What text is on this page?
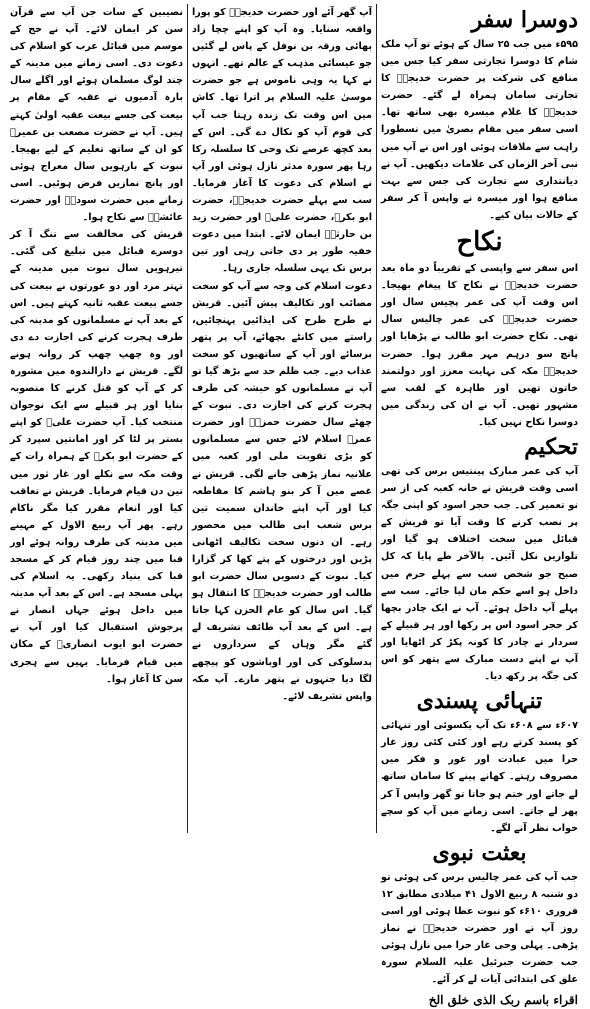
دوسرا سفر

۵۹۵ء میں جب ۲۵ سال کے ہوئے تو آپ ملک شام کا دوسرا تجارتی سفر کیا جس میں منافع کی شرکت پر حضرت خدیجہؓ کا تجارتی سامان ہمراہ لے گئے۔ حضرت خدیجہؓ کا غلام میسرہ بھی ساتھ تھا۔ اسی سفر میں مقام بصریٰ میں نسطورا راہب سے ملاقات ہوئی اور اس نے آپ میں نبی آخر الزماں کی علامات دیکھیں۔ آپ نے دیانتداری سے تجارت کی جس سے بہت منافع ہوا اور میسرہ نے واپس آ کر سفر کے حالات بیان کیے۔

نکاح

اس سفر سے واپسی کے تقریباً دو ماہ بعد حضرت خدیجہؓ نے نکاح کا پیغام بھیجا۔ اس وقت آپ کی عمر پچیس سال اور حضرت خدیجہؓ کی عمر چالیس سال تھی۔ نکاح حضرت ابو طالب نے پڑھایا اور پانچ سو درہم مہر مقرر ہوا۔ حضرت خدیجہؓ مکہ کی نہایت معزز اور دولتمند خاتون تھیں اور طاہرہ کے لقب سے مشہور تھیں۔ آپ نے ان کی زندگی میں دوسرا نکاح نہیں کیا۔

تحکیم

آپ کی عمر مبارک پینتیس برس کی تھی اسی وقت قریش نے خانہ کعبہ کی از سر نو تعمیر کی۔ جب حجر اسود کو اپنی جگہ پر نصب کرنے کا وقت آیا تو قریش کے قبائل میں سخت اختلاف ہو گیا اور تلواریں نکل آئیں۔ بالآخر طے پایا کہ کل صبح جو شخص سب سے پہلے حرم میں داخل ہو اسے حکم مان لیا جائے۔ سب سے پہلے آپ داخل ہوئے۔ آپ نے ایک چادر بچھا کر حجر اسود اس پر رکھا اور ہر قبیلے کے سردار نے چادر کا کونہ پکڑ کر اٹھایا اور آپ نے اپنے دست مبارک سے پتھر کو اس کی جگہ پر رکھ دیا۔

تنہائی پسندی

۶۰۷ء سے ۶۰۸ء تک آپ یکسوئی اور تنہائی کو پسند کرتے رہے اور کئی کئی روز غار حرا میں عبادت اور غور و فکر میں مصروف رہتے۔ کھانے پینے کا سامان ساتھ لے جاتے اور ختم ہو جاتا تو گھر واپس آ کر پھر لے جاتے۔ اسی زمانے میں آپ کو سچے خواب نظر آنے لگے۔

بعثت نبوی

جب آپ کی عمر چالیس برس کی ہوئی تو دو شنبہ ۸ ربیع الاول ۴۱ میلادی مطابق ۱۲ فروری ۶۱۰ء کو نبوت عطا ہوئی اور اسی روز آپ نے اور حضرت خدیجہؓ نے نماز پڑھی۔ پہلی وحی غار حرا میں نازل ہوئی جب حضرت جبرئیل علیہ السلام سورہ علق کی ابتدائی آیات لے کر آئے۔

اقراء باسم ربک الذی خلق الخ

آپ گھر آئے اور حضرت خدیجہؓ کو پورا واقعہ سنایا۔ وہ آپ کو اپنے چچا زاد بھائی ورقہ بن نوفل کے پاس لے گئیں جو عیسائی مذہب کے عالم تھے۔ انہوں نے کہا یہ وہی ناموس ہے جو حضرت موسیٰ علیہ السلام پر اترا تھا۔ کاش میں اس وقت تک زندہ رہتا جب آپ کی قوم آپ کو نکال دے گی۔ اس کے بعد کچھ عرصے تک وحی کا سلسلہ رکا رہا پھر سورہ مدثر نازل ہوئی اور آپ نے اسلام کی دعوت کا آغاز فرمایا۔ سب سے پہلے حضرت خدیجہؓ، حضرت ابو بکرؓ، حضرت علیؓ اور حضرت زید بن حارثہؓ ایمان لائے۔ ابتدا میں دعوت خفیہ طور پر دی جاتی رہی اور تین برس تک یہی سلسلہ جاری رہا۔

دعوت اسلام کی وجہ سے آپ کو سخت مصائب اور تکالیف پیش آئیں۔ قریش نے طرح طرح کی ایذائیں پہنچائیں، راستے میں کانٹے بچھائے، آپ پر پتھر برسائے اور آپ کے ساتھیوں کو سخت عذاب دیے۔ جب ظلم حد سے بڑھ گیا تو آپ نے مسلمانوں کو حبشہ کی طرف ہجرت کرنے کی اجازت دی۔ نبوت کے چھٹے سال حضرت حمزہؓ اور حضرت عمرؓ اسلام لائے جس سے مسلمانوں کو بڑی تقویت ملی اور کعبہ میں علانیہ نماز پڑھی جانے لگی۔ قریش نے غصے میں آ کر بنو ہاشم کا مقاطعہ کیا اور آپ اپنے خاندان سمیت تین برس شعب ابی طالب میں محصور رہے۔ ان دنوں سخت تکالیف اٹھانی پڑیں اور درختوں کے پتے کھا کر گزارا کیا۔ نبوت کے دسویں سال حضرت ابو طالب اور حضرت خدیجہؓ کا انتقال ہو گیا۔ اس سال کو عام الحزن کہا جاتا ہے۔ اس کے بعد آپ طائف تشریف لے گئے مگر وہاں کے سرداروں نے بدسلوکی کی اور اوباشوں کو پیچھے لگا دیا جنہوں نے پتھر مارے۔ آپ مکہ واپس تشریف لائے۔

نصیبین کے سات جن آپ سے قرآن سن کر ایمان لائے۔ آپ نے حج کے موسم میں قبائل عرب کو اسلام کی دعوت دی۔ اسی زمانے میں مدینہ کے چند لوگ مسلمان ہوئے اور اگلے سال بارہ آدمیوں نے عقبہ کے مقام پر بیعت کی جسے بیعت عقبہ اولیٰ کہتے ہیں۔ آپ نے حضرت مصعب بن عمیرؓ کو ان کے ساتھ تعلیم کے لیے بھیجا۔ نبوت کے بارہویں سال معراج ہوئی اور پانچ نمازیں فرض ہوئیں۔ اسی زمانے میں حضرت سودہؓ اور حضرت عائشہؓ سے نکاح ہوا۔

قریش کی مخالفت سے تنگ آ کر دوسرے قبائل میں تبلیغ کی گئی۔ تیرہویں سال نبوت میں مدینہ کے تہتر مرد اور دو عورتوں نے بیعت کی جسے بیعت عقبہ ثانیہ کہتے ہیں۔ اس کے بعد آپ نے مسلمانوں کو مدینہ کی طرف ہجرت کرنے کی اجازت دے دی اور وہ چھپ چھپ کر روانہ ہونے لگے۔ قریش نے دارالندوہ میں مشورہ کر کے آپ کو قتل کرنے کا منصوبہ بنایا اور ہر قبیلے سے ایک نوجوان منتخب کیا۔ آپ حضرت علیؓ کو اپنے بستر پر لٹا کر اور امانتیں سپرد کر کے حضرت ابو بکرؓ کے ہمراہ رات کے وقت مکہ سے نکلے اور غار ثور میں تین دن قیام فرمایا۔ قریش نے تعاقب کیا اور انعام مقرر کیا مگر ناکام رہے۔ پھر آپ ربیع الاول کے مہینے میں مدینہ کی طرف روانہ ہوئے اور قبا میں چند روز قیام کر کے مسجد قبا کی بنیاد رکھی۔ یہ اسلام کی پہلی مسجد ہے۔ اس کے بعد آپ مدینہ میں داخل ہوئے جہاں انصار نے پرجوش استقبال کیا اور آپ نے حضرت ابو ایوب انصاریؓ کے مکان میں قیام فرمایا۔ یہیں سے ہجری سن کا آغاز ہوا۔
